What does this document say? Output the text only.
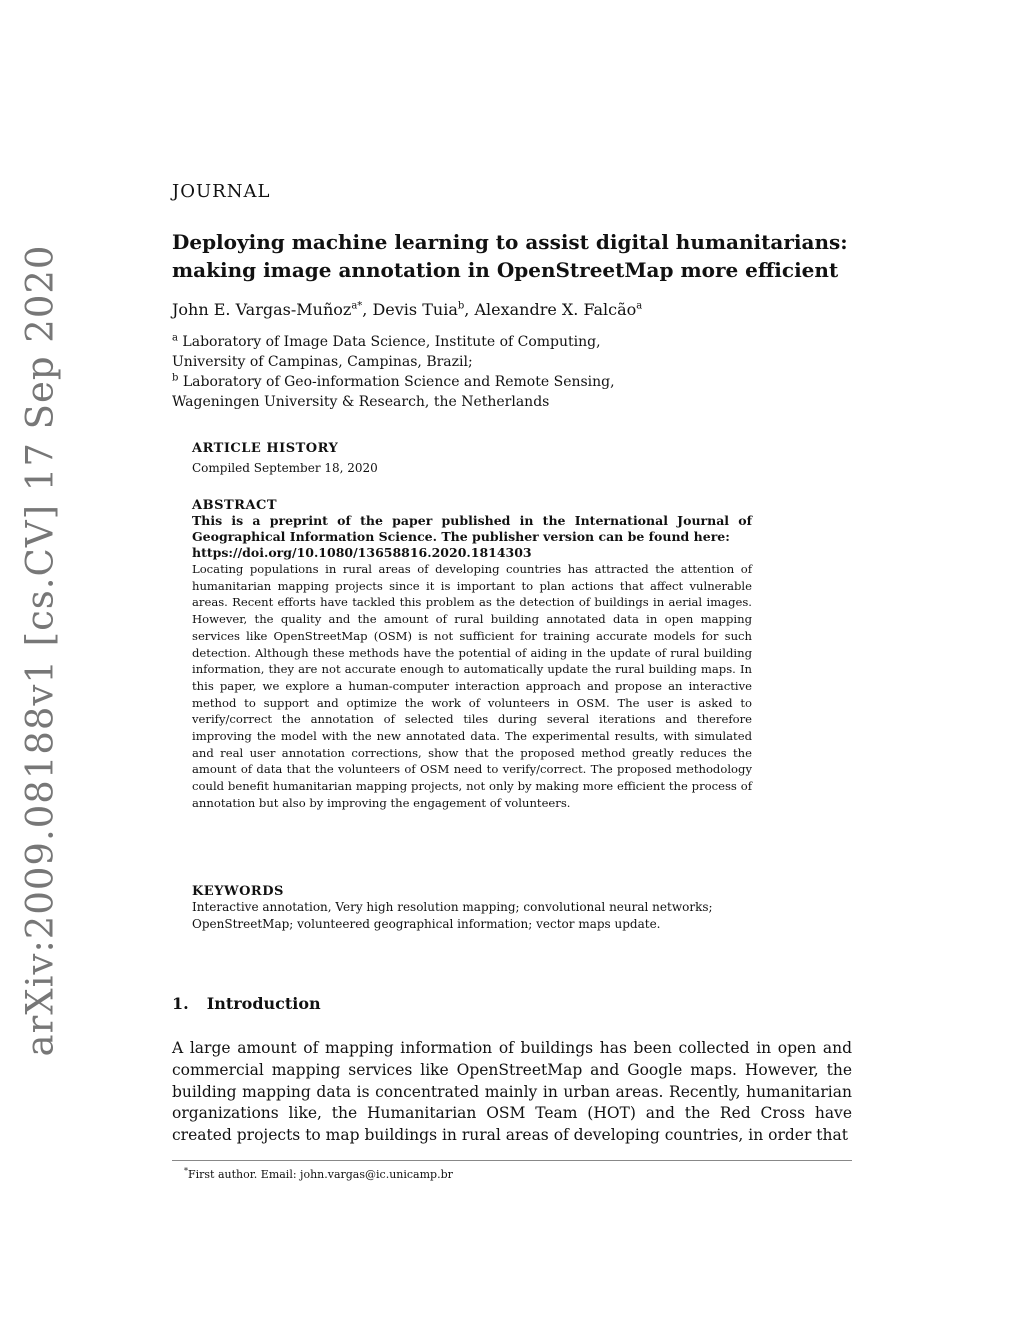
arXiv:2009.08188v1 [cs.CV] 17 Sep 2020
JOURNAL
Deploying machine learning to assist digital humanitarians: making image annotation in OpenStreetMap more efficient
John E. Vargas-Muñoz$^{a*}$, Devis Tuia$^b$, Alexandre X. Falcão$^a$
$^a$ Laboratory of Image Data Science, Institute of Computing,
University of Campinas, Campinas, Brazil;
$^b$ Laboratory of Geo-information Science and Remote Sensing,
Wageningen University & Research, the Netherlands
ARTICLE HISTORY
Compiled September 18, 2020
ABSTRACT
This is a preprint of the paper published in the International Journal of Geographical Information Science. The publisher version can be found here:
https://doi.org/10.1080/13658816.2020.1814303
Locating populations in rural areas of developing countries has attracted the attention of humanitarian mapping projects since it is important to plan actions that affect vulnerable areas. Recent efforts have tackled this problem as the detection of buildings in aerial images. However, the quality and the amount of rural building annotated data in open mapping services like OpenStreetMap (OSM) is not sufficient for training accurate models for such detection. Although these methods have the potential of aiding in the update of rural building information, they are not accurate enough to automatically update the rural building maps. In this paper, we explore a human-computer interaction approach and propose an interactive method to support and optimize the work of volunteers in OSM. The user is asked to verify/correct the annotation of selected tiles during several iterations and therefore improving the model with the new annotated data. The experimental results, with simulated and real user annotation corrections, show that the proposed method greatly reduces the amount of data that the volunteers of OSM need to verify/correct. The proposed methodology could benefit humanitarian mapping projects, not only by making more efficient the process of annotation but also by improving the engagement of volunteers.
KEYWORDS
Interactive annotation, Very high resolution mapping; convolutional neural networks; OpenStreetMap; volunteered geographical information; vector maps update.
1. Introduction
A large amount of mapping information of buildings has been collected in open and commercial mapping services like OpenStreetMap and Google maps. However, the building mapping data is concentrated mainly in urban areas. Recently, humanitarian organizations like, the Humanitarian OSM Team (HOT) and the Red Cross have created projects to map buildings in rural areas of developing countries, in order that
*First author. Email: john.vargas@ic.unicamp.br
